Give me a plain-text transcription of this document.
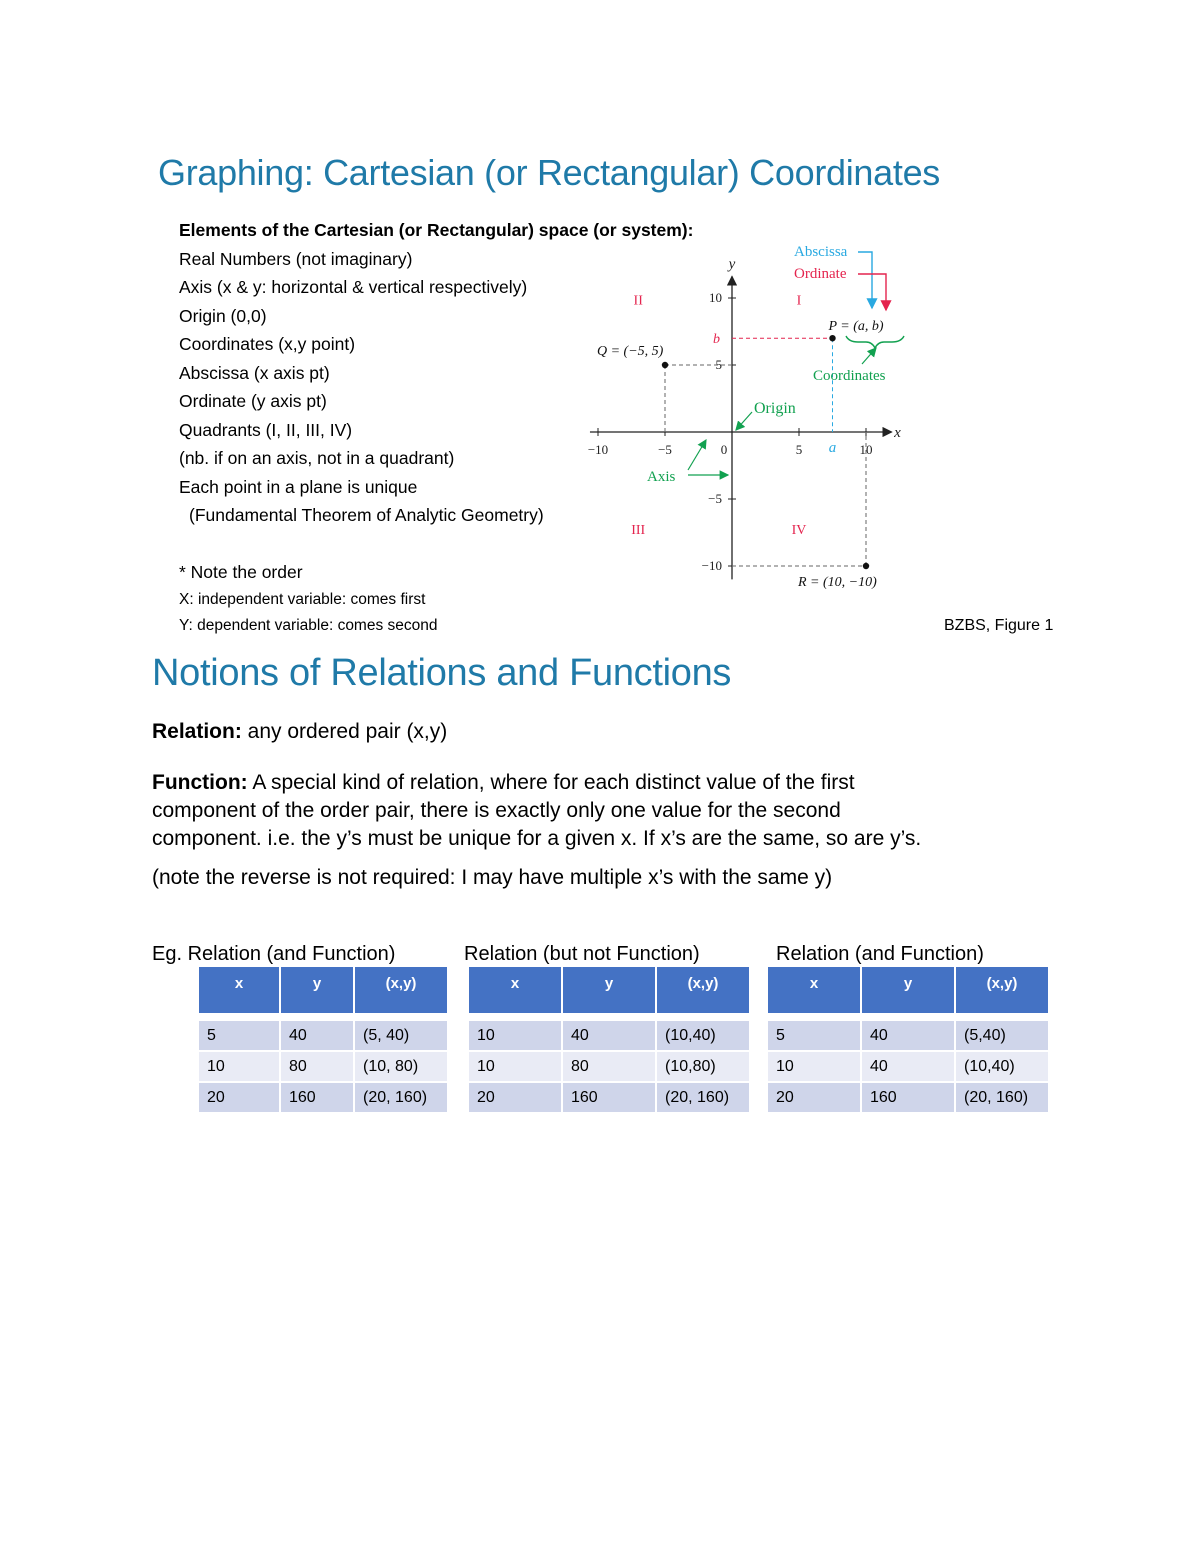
Graphing: Cartesian (or Rectangular) Coordinates
Elements of the Cartesian (or Rectangular) space (or system):
Real Numbers (not imaginary)
Axis (x & y: horizontal & vertical respectively)
Origin (0,0)
Coordinates (x,y point)
Abscissa (x axis pt)
Ordinate (y axis pt)
Quadrants (I, II, III, IV)
(nb. if on an axis, not in a quadrant)
Each point in a plane is unique
(Fundamental Theorem of Analytic Geometry)
* Note the order
X: independent variable: comes first
Y: dependent variable: comes second
x
y
−10	−5	0	5	10
10
5
−5
−10
I
II
III	IV
b
a
P = (a, b)
Q = (−5, 5)
R = (10, −10)
Abscissa
Ordinate
Coordinates
Origin
Axis
BZBS, Figure 1
Notions of Relations and Functions
Relation: any ordered pair (x,y)
Function: A special kind of relation, where for each distinct value of the first
component of the order pair, there is exactly only one value for the second
component. i.e. the y’s must be unique for a given x. If x’s are the same, so are y’s.
(note the reverse is not required: I may have multiple x’s with the same y)
Eg. Relation (and Function)	Relation (but not Function)	Relation (and Function)
x	y	(x,y)

5	40	(5, 40)
10	80	(10, 80)
20	160	(20, 160)
x	y	(x,y)

10	40	(10,40)
10	80	(10,80)
20	160	(20, 160)
x	y	(x,y)

5	40	(5,40)
10	40	(10,40)
20	160	(20, 160)
